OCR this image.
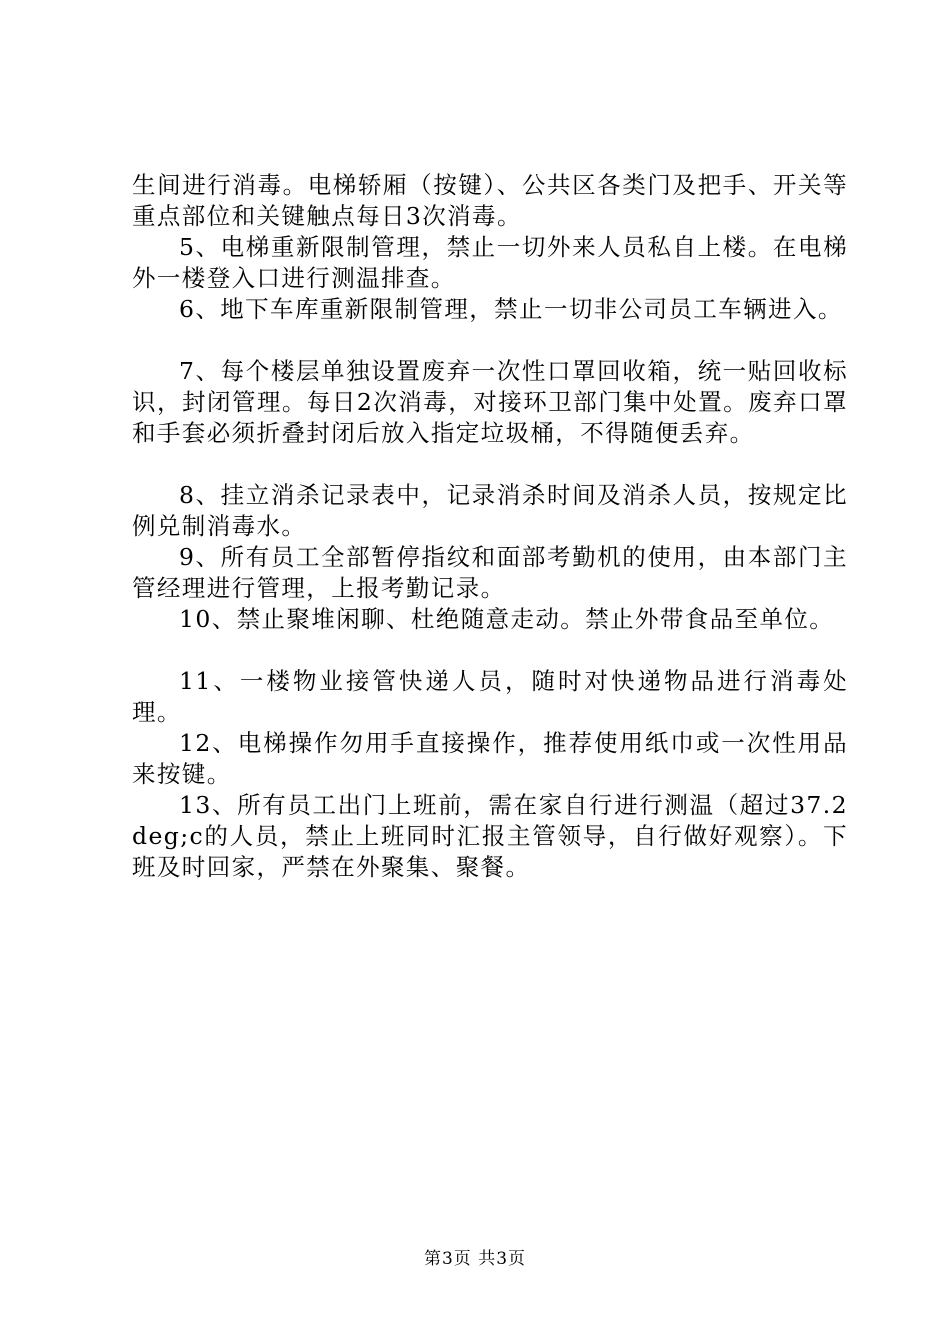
生间进行消毒。电梯轿厢（按键）、公共区各类门及把手、开关等重点部位和关键触点每日3次消毒。

5、电梯重新限制管理，禁止一切外来人员私自上楼。在电梯外一楼登入口进行测温排查。

6、地下车库重新限制管理，禁止一切非公司员工车辆进入。

7、每个楼层单独设置废弃一次性口罩回收箱，统一贴回收标识，封闭管理。每日2次消毒，对接环卫部门集中处置。废弃口罩和手套必须折叠封闭后放入指定垃圾桶，不得随便丢弃。

8、挂立消杀记录表中，记录消杀时间及消杀人员，按规定比例兑制消毒水。

9、所有员工全部暂停指纹和面部考勤机的使用，由本部门主管经理进行管理，上报考勤记录。

10、禁止聚堆闲聊、杜绝随意走动。禁止外带食品至单位。

11、一楼物业接管快递人员，随时对快递物品进行消毒处理。

12、电梯操作勿用手直接操作，推荐使用纸巾或一次性用品来按键。

13、所有员工出门上班前，需在家自行进行测温（超过37.2deg;c的人员，禁止上班同时汇报主管领导，自行做好观察）。下班及时回家，严禁在外聚集、聚餐。

第3页 共3页
